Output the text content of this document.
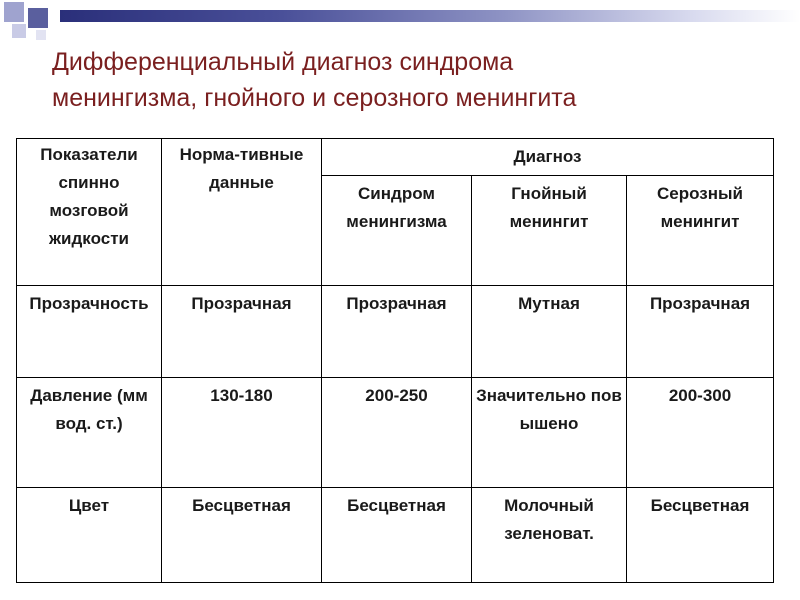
Дифференциальный диагноз синдрома
менингизма, гнойного и серозного менингита
Показатели спинно мозговой жидкости	Норма-тивные данные	Диагноз		
		Синдром менингизма	Гнойный менингит	Серозный менингит
Прозрачность	Прозрачная	Прозрачная	Мутная	Прозрачная
Давление (мм вод. ст.)	130-180	200-250	Значительно повышено	200-300
Цвет	Бесцветная	Бесцветная	Молочный зеленоват.	Бесцветная
